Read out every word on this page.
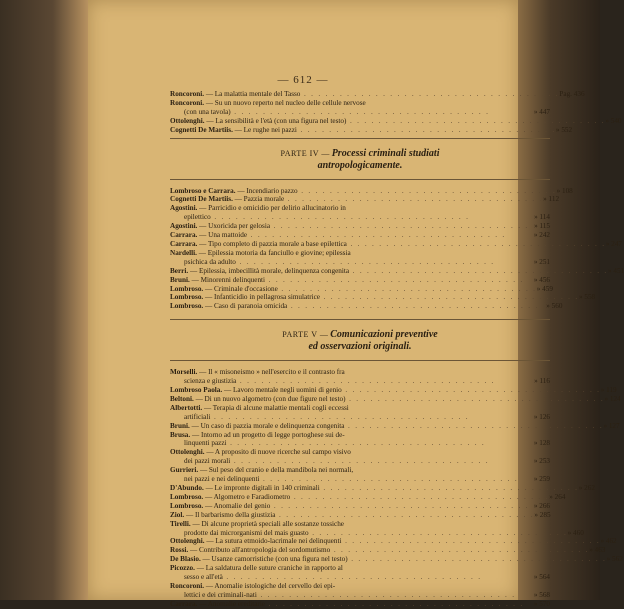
— 612 —
Roncoroni. — La malattia mentale del Tasso . . . . . . . . . . . . . . . . . . . . . . . . . . . . . . . . . . . . Pag. 436
Roncoroni. — Su un nuovo reperto nel nucleo delle cellule nervose
(con una tavola) . . . . . . . . . . . . . . . . . . . . . . . . . . . . . . . . . . . .	» 447
Ottolenghi. — La sensibilità e l'età (con una figura nel testo) . . . . . . . . . . . . . . . . . . . . . . . . . . . . . . . . . . . . » 540
Cognetti De Martiis. — Le rughe nei pazzi . . . . . . . . . . . . . . . . . . . . . . . . . . . . . . . . . . . . » 552
PARTE IV — Processi criminali studiati
antropologicamente.
Lombroso e Carrara. — Incendiario pazzo . . . . . . . . . . . . . . . . . . . . . . . . . . . . . . . . . . . . » 108
Cognetti De Martiis. — Pazzia morale . . . . . . . . . . . . . . . . . . . . . . . . . . . . . . . . . . . . » 112
Agostini. — Parricidio e omicidio per delirio allucinatorio in
epilettico . . . . . . . . . . . . . . . . . . . . . . . . . . . . . . . . . . . .	» 114
Agostini. — Uxoricida per gelosia . . . . . . . . . . . . . . . . . . . . . . . . . . . . . . . . . . . . » 115
Carrara. — Una mattoide . . . . . . . . . . . . . . . . . . . . . . . . . . . . . . . . . . . .	» 242
Carrara. — Tipo completo di pazzia morale a base epilettica . . . . . . . . . . . . . . . . . . . . . . . . . . . . . . . . . . . . » 247
Nardelli. — Epilessia motoria da fanciullo e giovine; epilessia
psichica da adulto . . . . . . . . . . . . . . . . . . . . . . . . . . . . . . . . . . . .	» 251
Berri. — Epilessia, imbecillità morale, delinquenza congenita . . . . . . . . . . . . . . . . . . . . . . . . . . . . . . . . . . . . » 451
Bruni. — Minorenni delinquenti . . . . . . . . . . . . . . . . . . . . . . . . . . . . . . . . . . . .	» 456
Lombroso. — Criminale d'occasione . . . . . . . . . . . . . . . . . . . . . . . . . . . . . . . . . . . . » 459
Lombroso. — Infanticidio in pellagrosa simulatrice . . . . . . . . . . . . . . . . . . . . . . . . . . . . . . . . . . . . » 558
Lombroso. — Caso di paranoia omicida . . . . . . . . . . . . . . . . . . . . . . . . . . . . . . . . . . . . » 560
PARTE V — Comunicazioni preventive
ed osservazioni originali.
Morselli. — Il « misoneismo » nell'esercito e il contrasto fra
scienza e giustizia . . . . . . . . . . . . . . . . . . . . . . . . . . . . . . . . . . . .	» 116
Lombroso Paola. — Lavoro mentale negli uomini di genio . . . . . . . . . . . . . . . . . . . . . . . . . . . . . . . . . . . . » 119
Beltoni. — Di un nuovo algometro (con due figure nel testo) . . . . . . . . . . . . . . . . . . . . . . . . . . . . . . . . . . . . » 124
Albertotti. — Terapia di alcune malattie mentali cogli eccessi
artificiali . . . . . . . . . . . . . . . . . . . . . . . . . . . . . . . . . . . .	» 126
Bruni. — Un caso di pazzia morale e delinquenza congenita . . . . . . . . . . . . . . . . . . . . . . . . . . . . . . . . . . . . » 127
Brusa. — Intorno ad un progetto di legge portoghese sui de-
linquenti pazzi . . . . . . . . . . . . . . . . . . . . . . . . . . . . . . . . . . . .	» 128
Ottolenghi. — A proposito di nuove ricerche sul campo visivo
dei pazzi morali . . . . . . . . . . . . . . . . . . . . . . . . . . . . . . . . . . . .	» 253
Gurrieri. — Sul peso del cranio e della mandibola nei normali,
nei pazzi e nei delinquenti . . . . . . . . . . . . . . . . . . . . . . . . . . . . . . . . . . . .	» 259
D'Abundo. — Le impronte digitali in 140 criminali . . . . . . . . . . . . . . . . . . . . . . . . . . . . . . . . . . . . » 262
Lombroso. — Algometro e Faradiometro . . . . . . . . . . . . . . . . . . . . . . . . . . . . . . . . . . . . » 264
Lombroso. — Anomalie del genio . . . . . . . . . . . . . . . . . . . . . . . . . . . . . . . . . . . . » 266
Ziol. — Il barbarismo della giustizia . . . . . . . . . . . . . . . . . . . . . . . . . . . . . . . . . . . . » 285
Tirelli. — Di alcune proprietà speciali alle sostanze tossiche
prodotte dai microrganismi del mais guasto . . . . . . . . . . . . . . . . . . . . . . . . . . . . . . . . . . . . » 460
Ottolenghi. — La sutura etmoido-lacrimale nei delinquenti . . . . . . . . . . . . . . . . . . . . . . . . . . . . . . . . . . . . » 462
Rossi. — Contributo all'antropologia del sordomutismo . . . . . . . . . . . . . . . . . . . . . . . . . . . . . . . . . . . . » 463
De Blasio. — Usanze camorristiche (con una figura nel testo) . . . . . . . . . . . . . . . . . . . . . . . . . . . . . . . . . . . . » 562
Picozzo. — La saldatura delle suture craniche in rapporto al
sesso e all'età . . . . . . . . . . . . . . . . . . . . . . . . . . . . . . . . . . . .	» 564
Roncoroni. — Anomalie istologiche del cervello dei epi-
lettici e dei criminali-nati . . . . . . . . . . . . . . . . . . . . . . . . . . . . . . . . . . . .	» 568
Carrara. — Anomalie ereditarie . . . . . . . . . . . . . . . . . . . . . . . . . . . . . . . . . . . .	» 570
